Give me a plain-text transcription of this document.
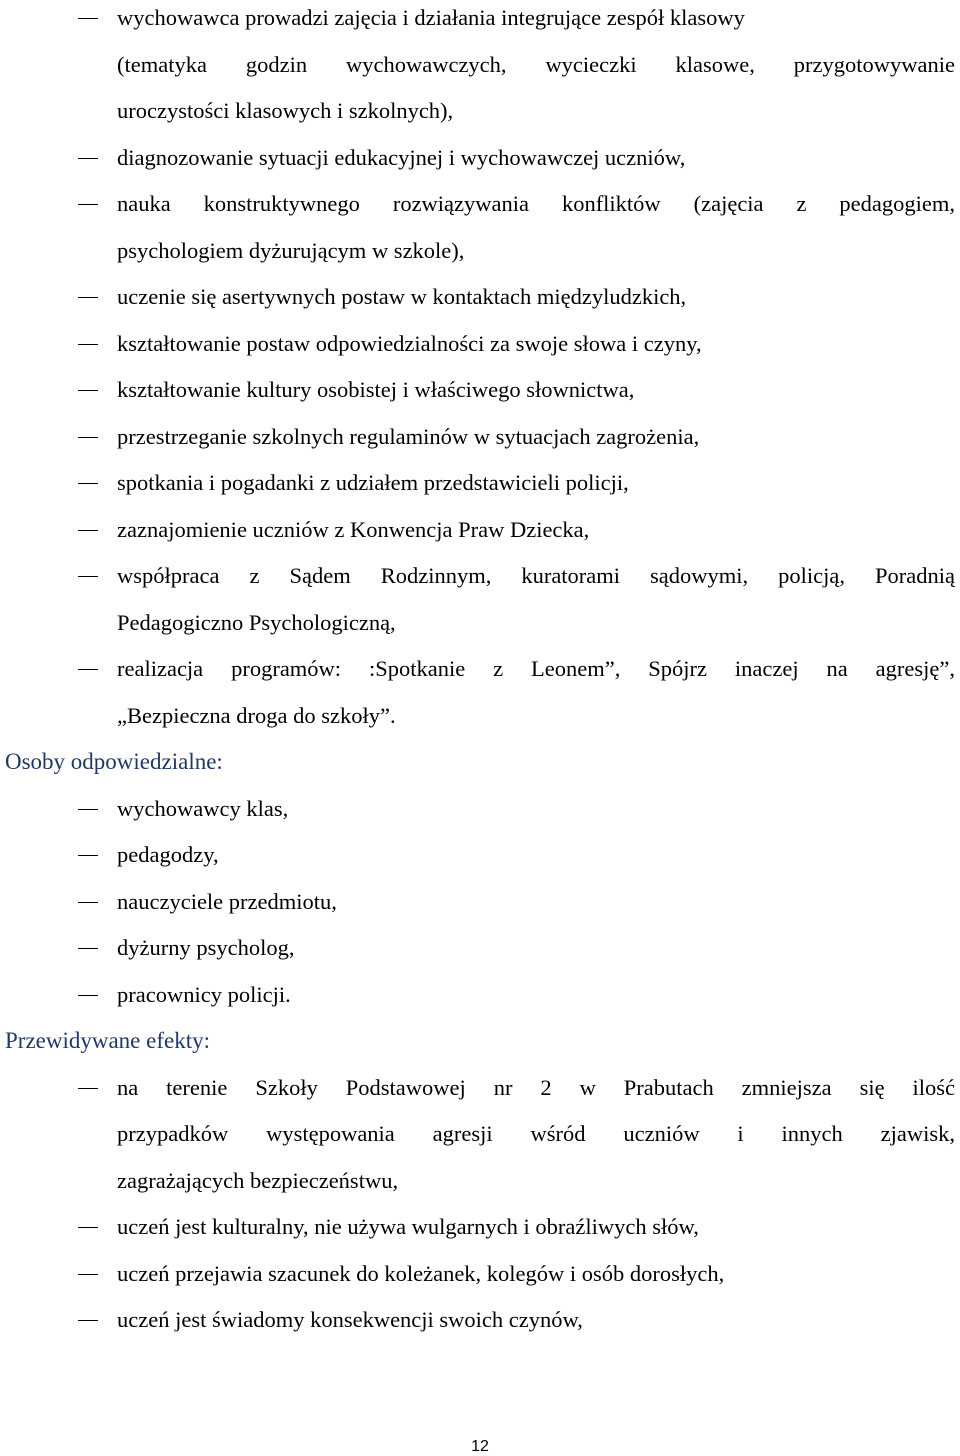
wychowawca prowadzi zajęcia i działania integrujące zespół klasowy
(tematyka godzin wychowawczych, wycieczki klasowe, przygotowywanie
uroczystości klasowych i szkolnych),
diagnozowanie sytuacji edukacyjnej i wychowawczej uczniów,
nauka konstruktywnego rozwiązywania konfliktów (zajęcia z pedagogiem,
psychologiem dyżurującym w szkole),
uczenie się asertywnych postaw w kontaktach międzyludzkich,
kształtowanie postaw odpowiedzialności za swoje słowa i czyny,
kształtowanie kultury osobistej i właściwego słownictwa,
przestrzeganie szkolnych regulaminów w sytuacjach zagrożenia,
spotkania i pogadanki z udziałem przedstawicieli policji,
zaznajomienie uczniów z Konwencja Praw Dziecka,
współpraca z Sądem Rodzinnym, kuratorami sądowymi, policją, Poradnią
Pedagogiczno Psychologiczną,
realizacja programów: :Spotkanie z Leonem”, Spójrz inaczej na agresję”,
„Bezpieczna droga do szkoły”.
Osoby odpowiedzialne:
wychowawcy klas,
pedagodzy,
nauczyciele przedmiotu,
dyżurny psycholog,
pracownicy policji.
Przewidywane efekty:
na terenie Szkoły Podstawowej nr 2 w Prabutach zmniejsza się ilość
przypadków występowania agresji wśród uczniów i innych zjawisk,
zagrażających bezpieczeństwu,
uczeń jest kulturalny, nie używa wulgarnych i obraźliwych słów,
uczeń przejawia szacunek do koleżanek, kolegów i osób dorosłych,
uczeń jest świadomy konsekwencji swoich czynów,
12
